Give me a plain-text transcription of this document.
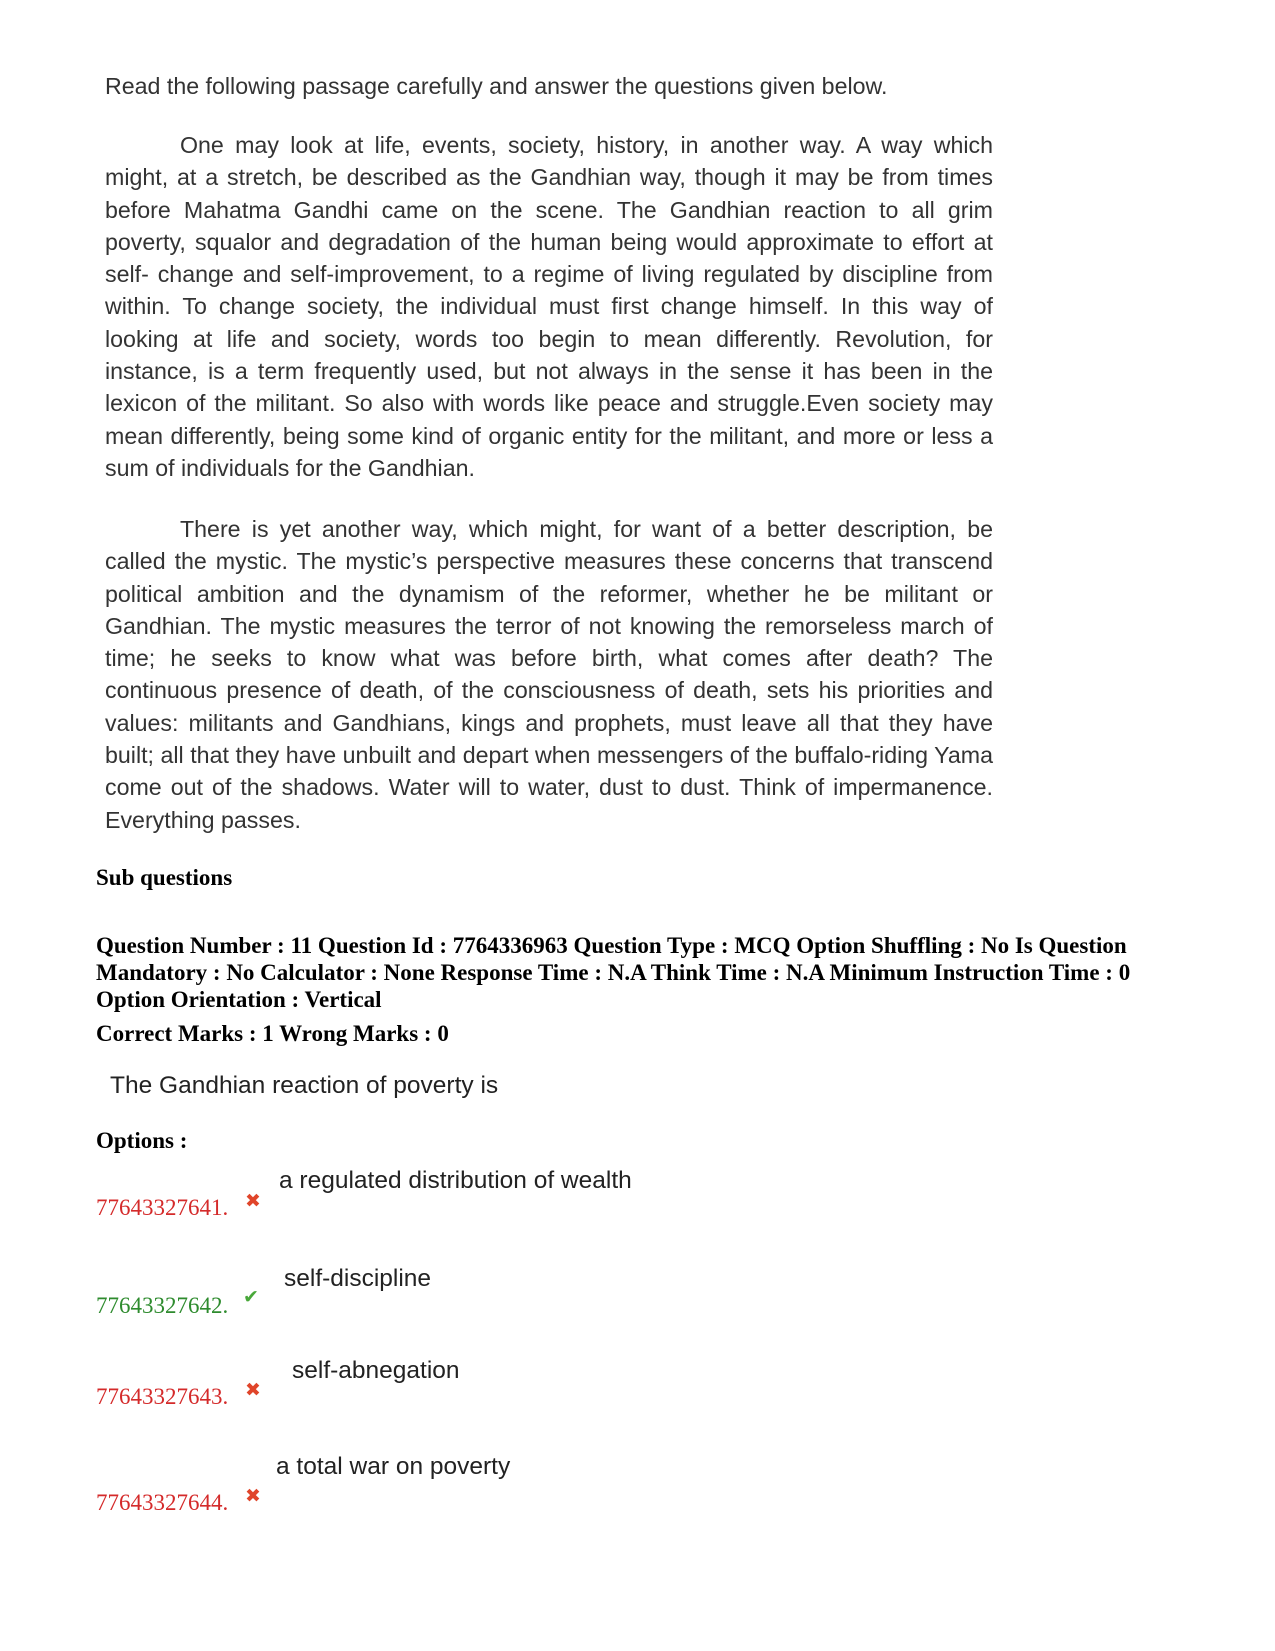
Read the following passage carefully and answer the questions given below.
One may look at life, events, society, history, in another way. A way which might, at a stretch, be described as the Gandhian way, though it may be from times before Mahatma Gandhi came on the scene. The Gandhian reaction to all grim poverty, squalor and degradation of the human being would approximate to effort at self- change and self-improvement, to a regime of living regulated by discipline from within. To change society, the individual must first change himself. In this way of looking at life and society, words too begin to mean differently. Revolution, for instance, is a term frequently used, but not always in the sense it has been in the lexicon of the militant. So also with words like peace and struggle.Even society may mean differently, being some kind of organic entity for the militant, and more or less a sum of individuals for the Gandhian.
There is yet another way, which might, for want of a better description, be called the mystic. The mystic’s perspective measures these concerns that transcend political ambition and the dynamism of the reformer, whether he be militant or Gandhian. The mystic measures the terror of not knowing the remorseless march of time; he seeks to know what was before birth, what comes after death? The continuous presence of death, of the consciousness of death, sets his priorities and values: militants and Gandhians, kings and prophets, must leave all that they have built; all that they have unbuilt and depart when messengers of the buffalo-riding Yama come out of the shadows. Water will to water, dust to dust. Think of impermanence. Everything passes.
Sub questions
Question Number : 11 Question Id : 7764336963 Question Type : MCQ Option Shuffling : No Is Question Mandatory : No Calculator : None Response Time : N.A Think Time : N.A Minimum Instruction Time : 0 Option Orientation : Vertical
Correct Marks : 1 Wrong Marks : 0
The Gandhian reaction of poverty is
Options :
77643327641. ✖
a regulated distribution of wealth
77643327642. ✔
self-discipline
77643327643. ✖
self-abnegation
77643327644. ✖
a total war on poverty
